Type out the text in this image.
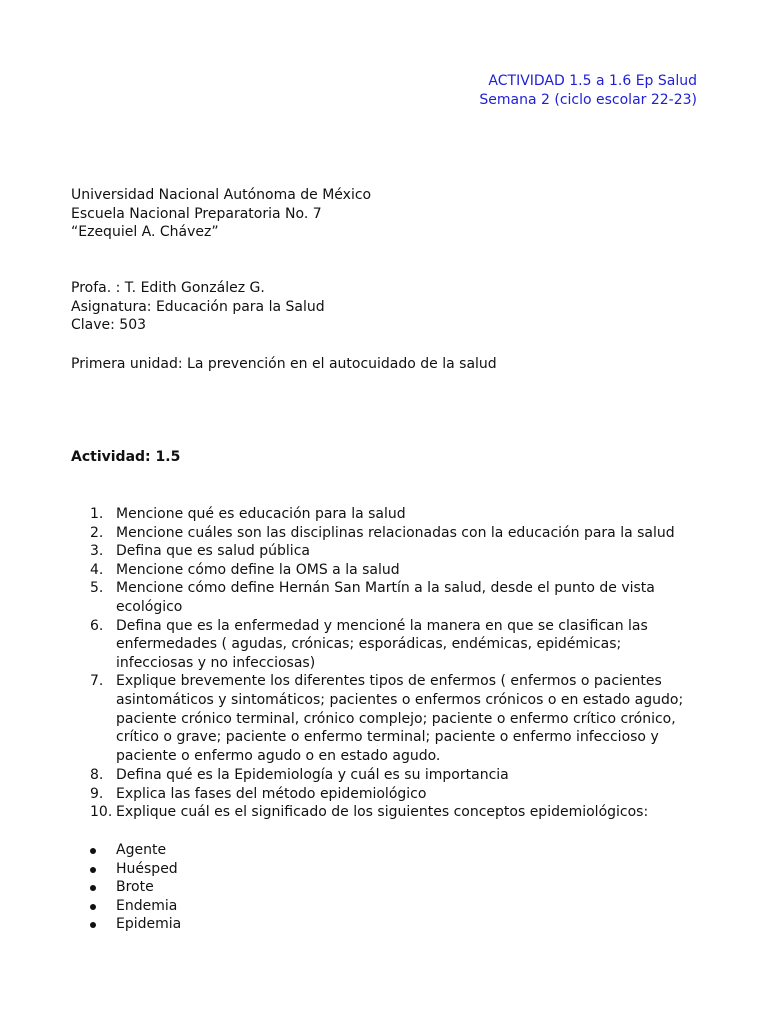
ACTIVIDAD 1.5 a 1.6 Ep Salud
Semana 2 (ciclo escolar 22-23)
Universidad Nacional Autónoma de México
Escuela Nacional Preparatoria No. 7
“Ezequiel A. Chávez”
Profa. : T. Edith González G.
Asignatura: Educación para la Salud
Clave: 503
Primera unidad: La prevención en el autocuidado de la salud
Actividad: 1.5
1. Mencione qué es educación para la salud
2. Mencione cuáles son las disciplinas relacionadas con la educación para la salud
3. Defina que es salud pública
4. Mencione cómo define la OMS a la salud
5. Mencione cómo define Hernán San Martín a la salud, desde el punto de vista ecológico
6. Defina que es la enfermedad y mencioné la manera en que se clasifican las enfermedades ( agudas, crónicas; esporádicas, endémicas, epidémicas; infecciosas y no infecciosas)
7. Explique brevemente los diferentes tipos de enfermos ( enfermos o pacientes asintomáticos y sintomáticos; pacientes o enfermos crónicos o en estado agudo; paciente crónico terminal, crónico complejo; paciente o enfermo crítico crónico, crítico o grave; paciente o enfermo terminal; paciente o enfermo infeccioso y paciente o enfermo agudo o en estado agudo.
8. Defina qué es la Epidemiología y cuál es su importancia
9. Explica las fases del método epidemiológico
10. Explique cuál es el significado de los siguientes conceptos epidemiológicos:
Agente
Huésped
Brote
Endemia
Epidemia
